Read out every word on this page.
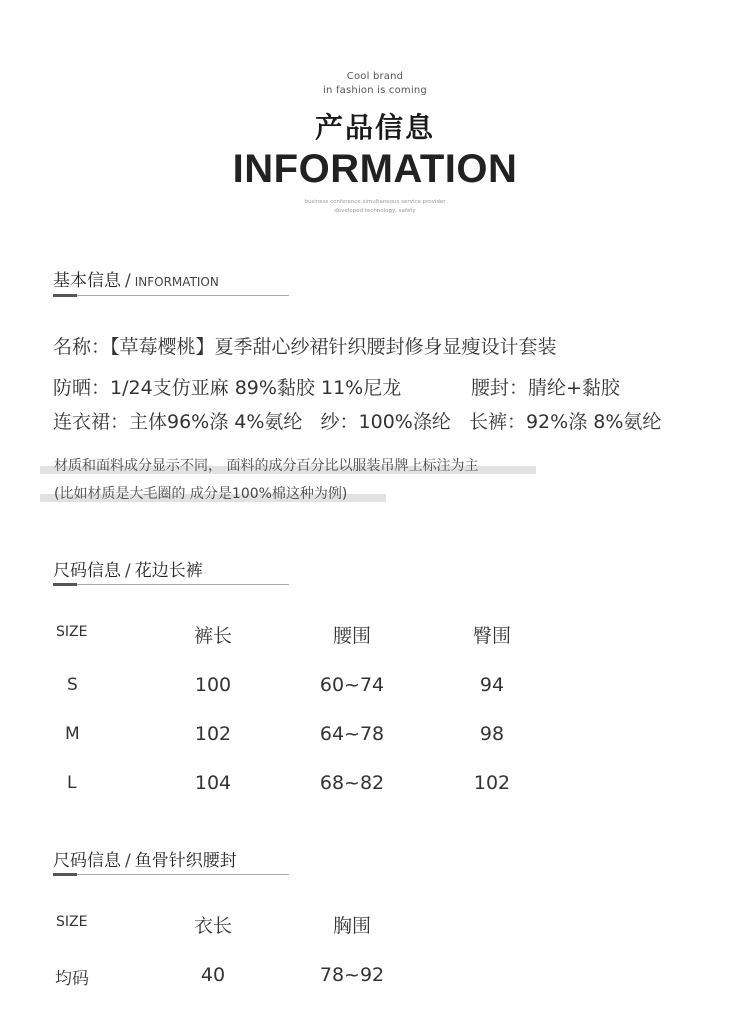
Cool brand
in fashion is coming
产品信息
INFORMATION
business conference simultaneous service provider
developed technology, safety
基本信息 / INFORMATION
名称：【草莓樱桃】夏季甜心纱裙针织腰封修身显瘦设计套装
防晒：1/24支仿亚麻 89%黏胶 11%尼龙	腰封：腈纶+黏胶
连衣裙：主体96%涤 4%氨纶   纱：100%涤纶   长裤：92%涤 8%氨纶
材质和面料成分显示不同， 面料的成分百分比以服装吊牌上标注为主
(比如材质是大毛圈的 成分是100%棉这种为例)
尺码信息 / 花边长裤
SIZE	裤长	腰围	臀围
S	100	60~74	94
M	102	64~78	98
L	104	68~82	102
尺码信息 / 鱼骨针织腰封
SIZE	衣长	胸围
均码	40	78~92
